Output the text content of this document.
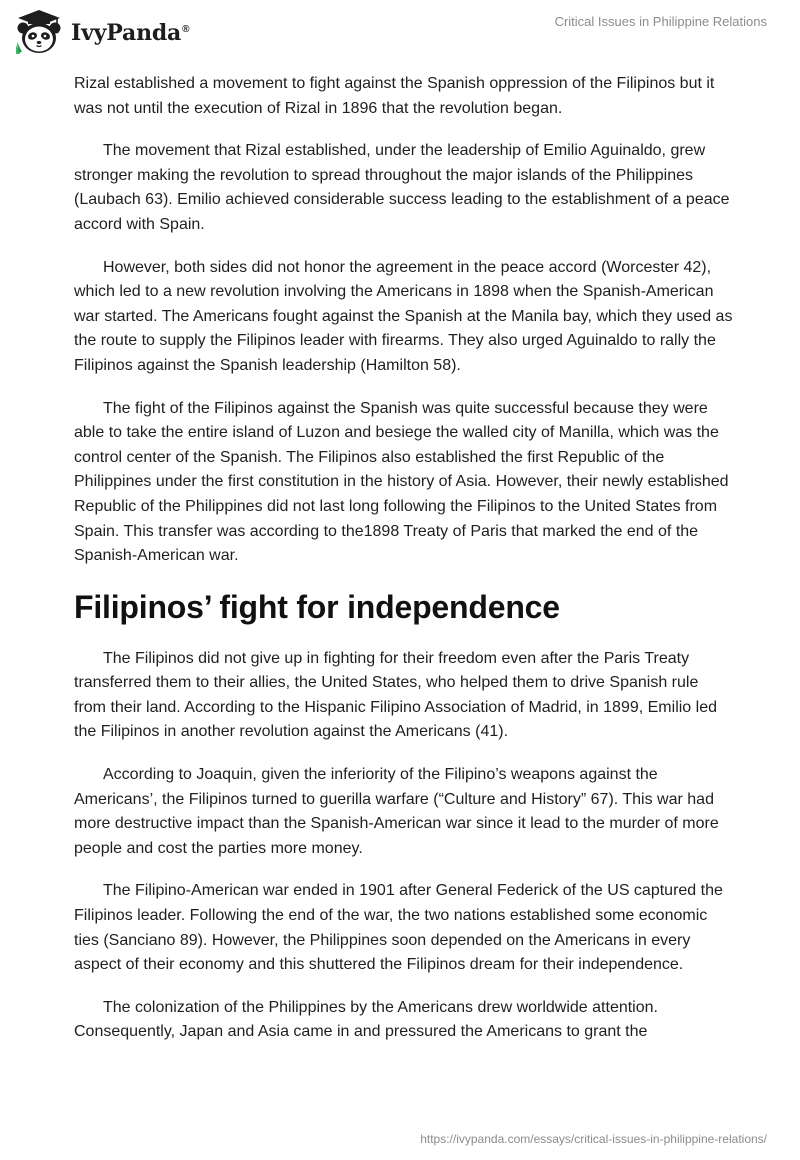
IvyPanda®
Critical Issues in Philippine Relations

Rizal established a movement to fight against the Spanish oppression of the Filipinos but it was not until the execution of Rizal in 1896 that the revolution began.

The movement that Rizal established, under the leadership of Emilio Aguinaldo, grew stronger making the revolution to spread throughout the major islands of the Philippines (Laubach 63). Emilio achieved considerable success leading to the establishment of a peace accord with Spain.

However, both sides did not honor the agreement in the peace accord (Worcester 42), which led to a new revolution involving the Americans in 1898 when the Spanish-American war started. The Americans fought against the Spanish at the Manila bay, which they used as the route to supply the Filipinos leader with firearms. They also urged Aguinaldo to rally the Filipinos against the Spanish leadership (Hamilton 58).

The fight of the Filipinos against the Spanish was quite successful because they were able to take the entire island of Luzon and besiege the walled city of Manilla, which was the control center of the Spanish. The Filipinos also established the first Republic of the Philippines under the first constitution in the history of Asia. However, their newly established Republic of the Philippines did not last long following the Filipinos to the United States from Spain. This transfer was according to the1898 Treaty of Paris that marked the end of the Spanish-American war.

Filipinos’ fight for independence

The Filipinos did not give up in fighting for their freedom even after the Paris Treaty transferred them to their allies, the United States, who helped them to drive Spanish rule from their land. According to the Hispanic Filipino Association of Madrid, in 1899, Emilio led the Filipinos in another revolution against the Americans (41).

According to Joaquin, given the inferiority of the Filipino’s weapons against the Americans’, the Filipinos turned to guerilla warfare (“Culture and History” 67). This war had more destructive impact than the Spanish-American war since it lead to the murder of more people and cost the parties more money.

The Filipino-American war ended in 1901 after General Federick of the US captured the Filipinos leader. Following the end of the war, the two nations established some economic ties (Sanciano 89). However, the Philippines soon depended on the Americans in every aspect of their economy and this shuttered the Filipinos dream for their independence.

The colonization of the Philippines by the Americans drew worldwide attention. Consequently, Japan and Asia came in and pressured the Americans to grant the

https://ivypanda.com/essays/critical-issues-in-philippine-relations/
